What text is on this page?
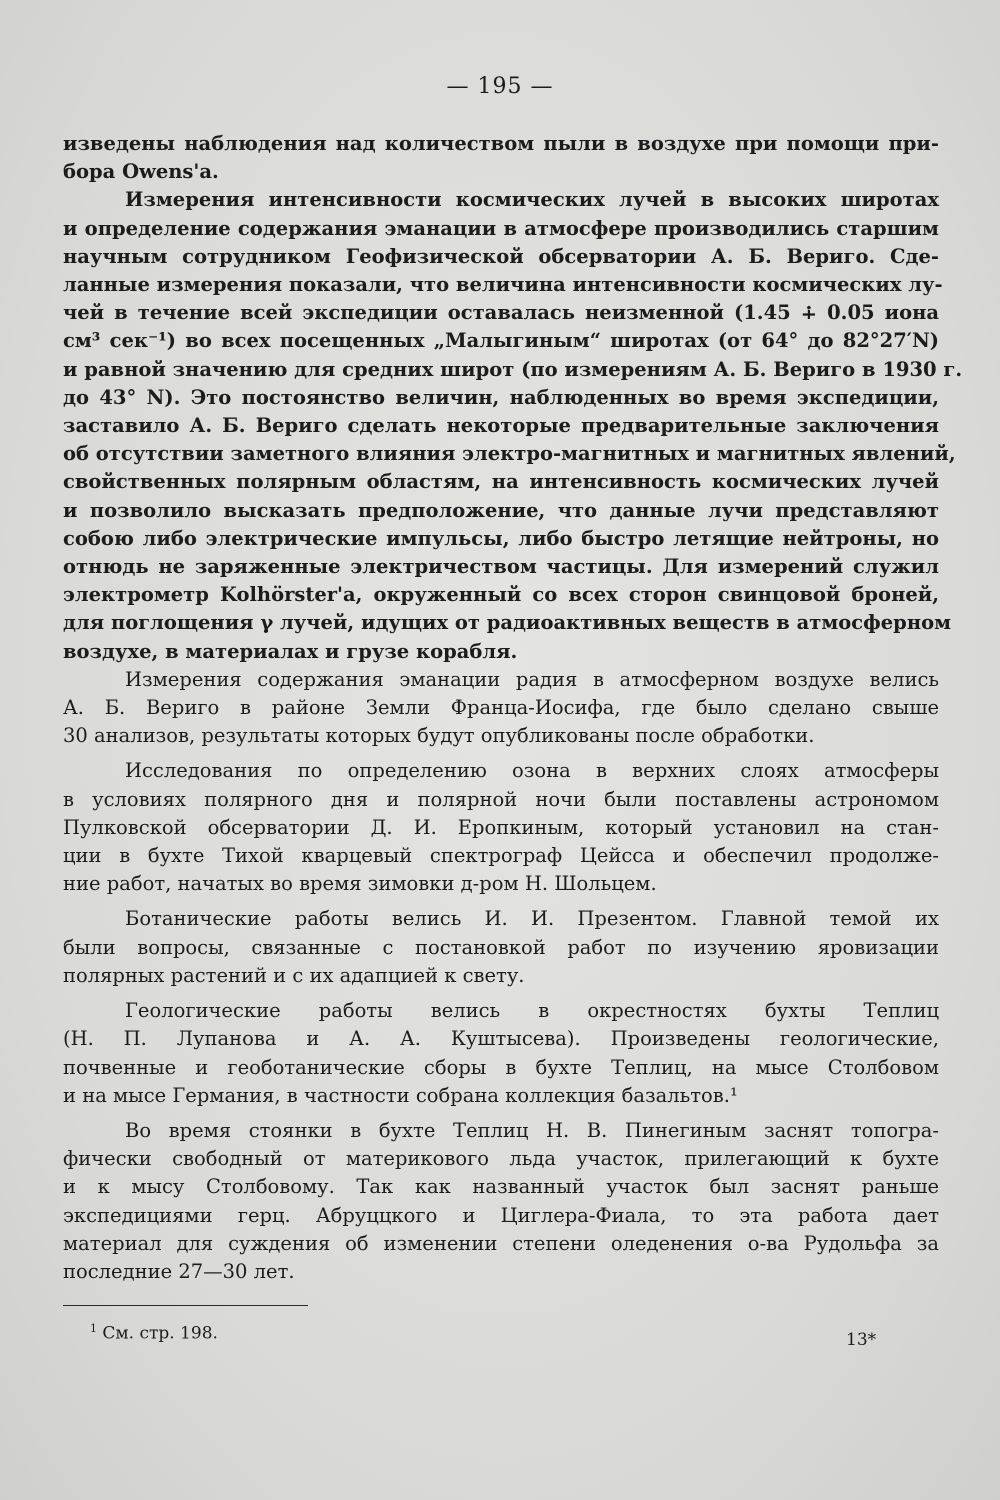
— 195 —
изведены наблюдения над количеством пыли в воздухе при помощи при-
бора Owens'a.
Измерения интенсивности космических лучей в высоких широтах
и определение содержания эманации в атмосфере производились старшим
научным сотрудником Геофизической обсерватории А. Б. Вериго. Сде-
ланные измерения показали, что величина интенсивности космических лу-
чей в течение всей экспедиции оставалась неизменной (1.45 ∔ 0.05 иона
см³ сек⁻¹) во всех посещенных „Малыгиным“ широтах (от 64° до 82°27′N)
и равной значению для средних широт (по измерениям А. Б. Вериго в 1930 г.
до 43° N). Это постоянство величин, наблюденных во время экспедиции,
заставило А. Б. Вериго сделать некоторые предварительные заключения
об отсутствии заметного влияния электро-магнитных и магнитных явлений,
свойственных полярным областям, на интенсивность космических лучей
и позволило высказать предположение, что данные лучи представляют
собою либо электрические импульсы, либо быстро летящие нейтроны, но
отнюдь не заряженные электричеством частицы. Для измерений служил
электрометр Kolhörster'a, окруженный со всех сторон свинцовой броней,
для поглощения γ лучей, идущих от радиоактивных веществ в атмосферном
воздухе, в материалах и грузе корабля.
Измерения содержания эманации радия в атмосферном воздухе велись
А. Б. Вериго в районе Земли Франца-Иосифа, где было сделано свыше
30 анализов, результаты которых будут опубликованы после обработки.
Исследования по определению озона в верхних слоях атмосферы
в условиях полярного дня и полярной ночи были поставлены астрономом
Пулковской обсерватории Д. И. Еропкиным, который установил на стан-
ции в бухте Тихой кварцевый спектрограф Цейсса и обеспечил продолже-
ние работ, начатых во время зимовки д-ром Н. Шольцем.
Ботанические работы велись И. И. Презентом. Главной темой их
были вопросы, связанные с постановкой работ по изучению яровизации
полярных растений и с их адапцией к свету.
Геологические работы велись в окрестностях бухты Теплиц
(Н. П. Лупанова и А. А. Куштысева). Произведены геологические,
почвенные и геоботанические сборы в бухте Теплиц, на мысе Столбовом
и на мысе Германия, в частности собрана коллекция базальтов.¹
Во время стоянки в бухте Теплиц Н. В. Пинегиным заснят топогра-
фически свободный от материкового льда участок, прилегающий к бухте
и к мысу Столбовому. Так как названный участок был заснят раньше
экспедициями герц. Абруццкого и Циглера-Фиала, то эта работа дает
материал для суждения об изменении степени оледенения о-ва Рудольфа за
последние 27—30 лет.
$^1$ См. стр. 198.	13*
